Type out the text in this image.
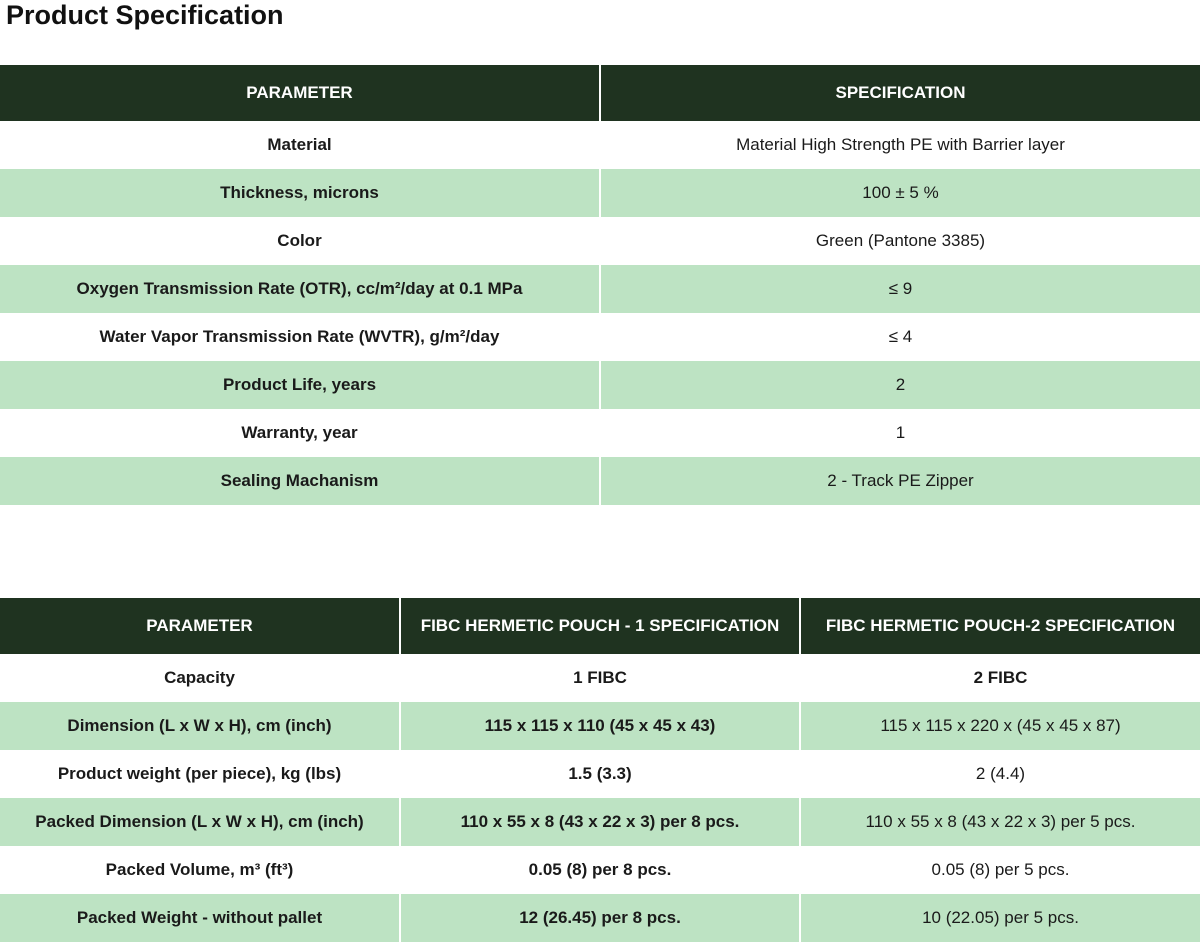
Product Specification
PARAMETER	SPECIFICATION
Material	Material High Strength PE with Barrier layer
Thickness, microns	100 ± 5 %
Color	Green (Pantone 3385)
Oxygen Transmission Rate (OTR), cc/m²/day at 0.1 MPa	≤ 9
Water Vapor Transmission Rate (WVTR), g/m²/day	≤ 4
Product Life, years	2
Warranty, year	1
Sealing Machanism	2 - Track PE Zipper
PARAMETER	FIBC HERMETIC POUCH - 1 SPECIFICATION	FIBC HERMETIC POUCH-2 SPECIFICATION
Capacity	1 FIBC	2 FIBC
Dimension (L x W x H), cm (inch)	115 x 115 x 110 (45 x 45 x 43)	115 x 115 x 220 x (45 x 45 x 87)
Product weight (per piece), kg (lbs)	1.5 (3.3)	2 (4.4)
Packed Dimension (L x W x H), cm (inch)	110 x 55 x 8 (43 x 22 x 3) per 8 pcs.	110 x 55 x 8 (43 x 22 x 3) per 5 pcs.
Packed Volume, m³ (ft³)	0.05 (8) per 8 pcs.	0.05 (8) per 5 pcs.
Packed Weight - without pallet	12 (26.45) per 8 pcs.	10 (22.05) per 5 pcs.
